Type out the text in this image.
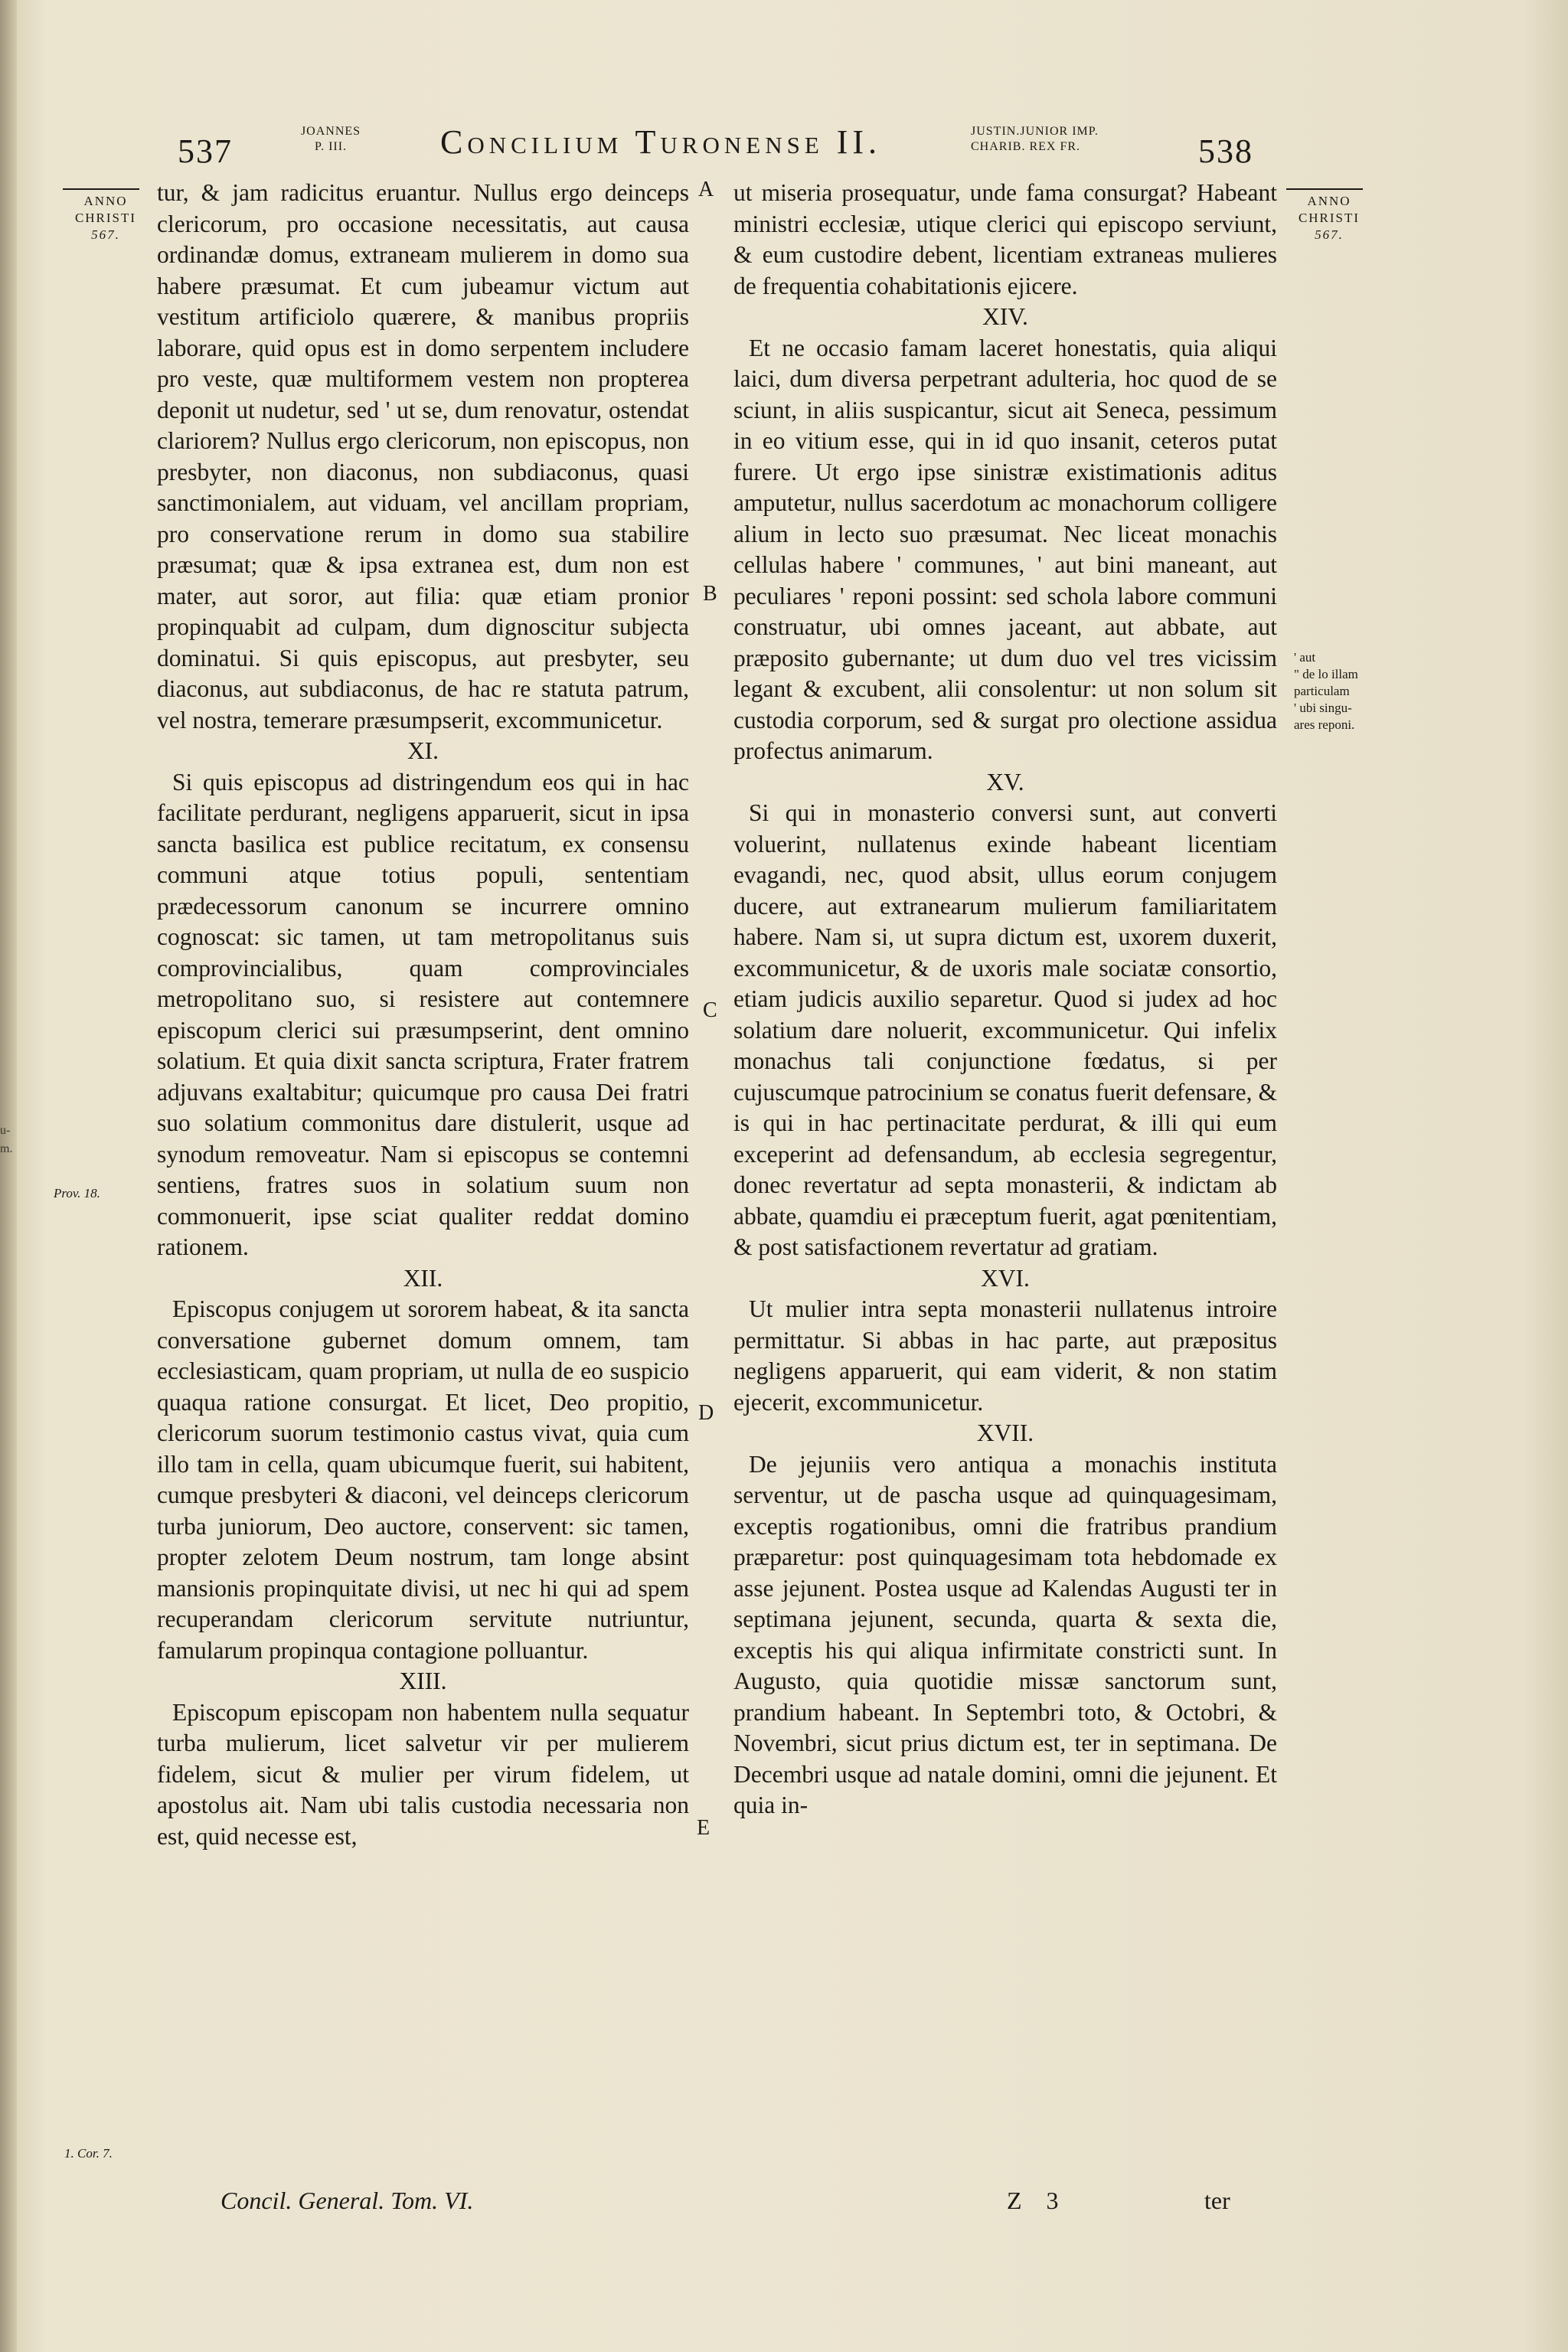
537
JOANNES
P. III.	Concilium Turonense II.	JUSTIN.JUNIOR IMP.
CHARIB. REX FR.	538
ANNO
CHRISTI
567.
ANNO
CHRISTI
567.
Prov. 18.
1. Cor. 7.
u-
m.
' aut
" de lo illam
particulam
' ubi singu-
ares reponi.
A
B
C
D
E

tur, & jam radicitus eruantur. Nullus ergo deinceps clericorum, pro occasione necessitatis, aut causa ordinandæ domus, extraneam mulierem in domo sua habere præsumat. Et cum jubeamur victum aut vestitum artificiolo quærere, & manibus propriis laborare, quid opus est in domo serpentem includere pro veste, quæ multiformem vestem non propterea deponit ut nudetur, sed ' ut se, dum renovatur, ostendat clariorem? Nullus ergo clericorum, non episcopus, non presbyter, non diaconus, non subdiaconus, quasi sanctimonialem, aut viduam, vel ancillam propriam, pro conservatione rerum in domo sua stabilire præsumat; quæ & ipsa extranea est, dum non est mater, aut soror, aut filia: quæ etiam pronior propinquabit ad culpam, dum dignoscitur subjecta dominatui. Si quis episcopus, aut presbyter, seu diaconus, aut subdiaconus, de hac re statuta patrum, vel nostra, temerare præsumpserit, excommunicetur.

XI.

Si quis episcopus ad distringendum eos qui in hac facilitate perdurant, negligens apparuerit, sicut in ipsa sancta basilica est publice recitatum, ex consensu communi atque totius populi, sententiam prædecessorum canonum se incurrere omnino cognoscat: sic tamen, ut tam metropolitanus suis comprovincialibus, quam comprovinciales metropolitano suo, si resistere aut contemnere episcopum clerici sui præsumpserint, dent omnino solatium. Et quia dixit sancta scriptura, Frater fratrem adjuvans exaltabitur; quicumque pro causa Dei fratri suo solatium commonitus dare distulerit, usque ad synodum removeatur. Nam si episcopus se contemni sentiens, fratres suos in solatium suum non commonuerit, ipse sciat qualiter reddat domino rationem.

XII.

Episcopus conjugem ut sororem habeat, & ita sancta conversatione gubernet domum omnem, tam ecclesiasticam, quam propriam, ut nulla de eo suspicio quaqua ratione consurgat. Et licet, Deo propitio, clericorum suorum testimonio castus vivat, quia cum illo tam in cella, quam ubicumque fuerit, sui habitent, cumque presbyteri & diaconi, vel deinceps clericorum turba juniorum, Deo auctore, conservent: sic tamen, propter zelotem Deum nostrum, tam longe absint mansionis propinquitate divisi, ut nec hi qui ad spem recuperandam clericorum servitute nutriuntur, famularum propinqua contagione polluantur.

XIII.

Episcopum episcopam non habentem nulla sequatur turba mulierum, licet salvetur vir per mulierem fidelem, sicut & mulier per virum fidelem, ut apostolus ait. Nam ubi talis custodia necessaria non est, quid necesse est,

ut miseria prosequatur, unde fama consurgat? Habeant ministri ecclesiæ, utique clerici qui episcopo serviunt, & eum custodire debent, licentiam extraneas mulieres de frequentia cohabitationis ejicere.

XIV.

Et ne occasio famam laceret honestatis, quia aliqui laici, dum diversa perpetrant adulteria, hoc quod de se sciunt, in aliis suspicantur, sicut ait Seneca, pessimum in eo vitium esse, qui in id quo insanit, ceteros putat furere. Ut ergo ipse sinistræ existimationis aditus amputetur, nullus sacerdotum ac monachorum colligere alium in lecto suo præsumat. Nec liceat monachis cellulas habere ' communes, ' aut bini maneant, aut peculiares ' reponi possint: sed schola labore communi construatur, ubi omnes jaceant, aut abbate, aut præposito gubernante; ut dum duo vel tres vicissim legant & excubent, alii consolentur: ut non solum sit custodia corporum, sed & surgat pro olectione assidua profectus animarum.

XV.

Si qui in monasterio conversi sunt, aut converti voluerint, nullatenus exinde habeant licentiam evagandi, nec, quod absit, ullus eorum conjugem ducere, aut extranearum mulierum familiaritatem habere. Nam si, ut supra dictum est, uxorem duxerit, excommunicetur, & de uxoris male sociatæ consortio, etiam judicis auxilio separetur. Quod si judex ad hoc solatium dare noluerit, excommunicetur. Qui infelix monachus tali conjunctione fœdatus, si per cujuscumque patrocinium se conatus fuerit defensare, & is qui in hac pertinacitate perdurat, & illi qui eum exceperint ad defensandum, ab ecclesia segregentur, donec revertatur ad septa monasterii, & indictam ab abbate, quamdiu ei præceptum fuerit, agat pœnitentiam, & post satisfactionem revertatur ad gratiam.

XVI.

Ut mulier intra septa monasterii nullatenus introire permittatur. Si abbas in hac parte, aut præpositus negligens apparuerit, qui eam viderit, & non statim ejecerit, excommunicetur.

XVII.

De jejuniis vero antiqua a monachis instituta serventur, ut de pascha usque ad quinquagesimam, exceptis rogationibus, omni die fratribus prandium præparetur: post quinquagesimam tota hebdomade ex asse jejunent. Postea usque ad Kalendas Augusti ter in septimana jejunent, secunda, quarta & sexta die, exceptis his qui aliqua infirmitate constricti sunt. In Augusto, quia quotidie missæ sanctorum sunt, prandium habeant. In Septembri toto, & Octobri, & Novembri, sicut prius dictum est, ter in septimana. De Decembri usque ad natale domini, omni die jejunent. Et quia in-

Concil. General. Tom. VI.	Z 3	ter
